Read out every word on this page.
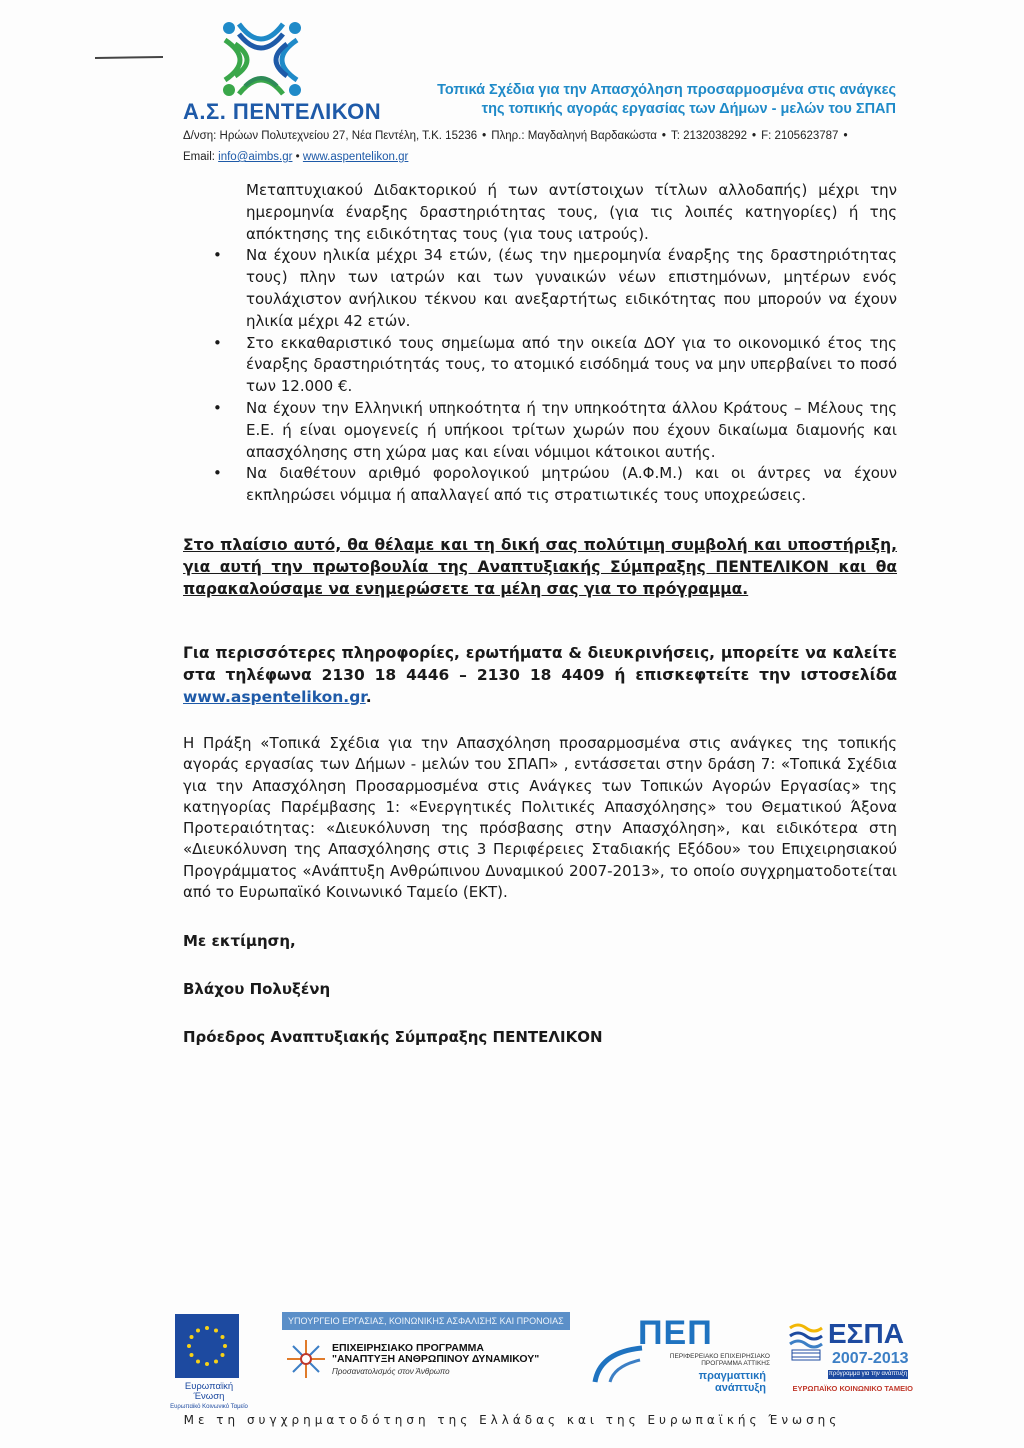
Α.Σ. ΠΕΝΤΕΛΙΚΟΝ
Τοπικά Σχέδια για την Απασχόληση προσαρμοσμένα στις ανάγκες
της τοπικής αγοράς εργασίας των Δήμων - μελών του ΣΠΑΠ
Δ/νση: Ηρώων Πολυτεχνείου 27, Νέα Πεντέλη, Τ.Κ. 15236 • Πληρ.: Μαγδαληνή Βαρδακώστα • Τ: 2132038292 • F: 2105623787 •
Email: info@aimbs.gr • www.aspentelikon.gr
Μεταπτυχιακού Διδακτορικού ή των αντίστοιχων τίτλων αλλοδαπής) μέχρι την ημερομηνία έναρξης δραστηριότητας τους, (για τις λοιπές κατηγορίες) ή της απόκτησης της ειδικότητας τους (για τους ιατρούς).
• Να έχουν ηλικία μέχρι 34 ετών, (έως την ημερομηνία έναρξης της δραστηριότητας τους) πλην των ιατρών και των γυναικών νέων επιστημόνων, μητέρων ενός τουλάχιστον ανήλικου τέκνου και ανεξαρτήτως ειδικότητας που μπορούν να έχουν ηλικία μέχρι 42 ετών.
• Στο εκκαθαριστικό τους σημείωμα από την οικεία ΔΟΥ για το οικονομικό έτος της έναρξης δραστηριότητάς τους, το ατομικό εισόδημά τους να μην υπερβαίνει το ποσό των 12.000 €.
• Να έχουν την Ελληνική υπηκοότητα ή την υπηκοότητα άλλου Κράτους – Μέλους της Ε.Ε. ή είναι ομογενείς ή υπήκοοι τρίτων χωρών που έχουν δικαίωμα διαμονής και απασχόλησης στη χώρα μας και είναι νόμιμοι κάτοικοι αυτής.
• Να διαθέτουν αριθμό φορολογικού μητρώου (Α.Φ.Μ.) και οι άντρες να έχουν εκπληρώσει νόμιμα ή απαλλαγεί από τις στρατιωτικές τους υποχρεώσεις.
Στο πλαίσιο αυτό, θα θέλαμε και τη δική σας πολύτιμη συμβολή και υποστήριξη, για αυτή την πρωτοβουλία της Αναπτυξιακής Σύμπραξης ΠΕΝΤΕΛΙΚΟΝ και θα παρακαλούσαμε να ενημερώσετε τα μέλη σας για το πρόγραμμα.
Για περισσότερες πληροφορίες, ερωτήματα & διευκρινήσεις, μπορείτε να καλείτε στα τηλέφωνα 2130 18 4446 – 2130 18 4409 ή επισκεφτείτε την ιστοσελίδα www.aspentelikon.gr.
Η Πράξη «Τοπικά Σχέδια για την Απασχόληση προσαρμοσμένα στις ανάγκες της τοπικής αγοράς εργασίας των Δήμων - μελών του ΣΠΑΠ» , εντάσσεται στην δράση 7: «Τοπικά Σχέδια για την Απασχόληση Προσαρμοσμένα στις Ανάγκες των Τοπικών Αγορών Εργασίας» της κατηγορίας Παρέμβασης 1: «Ενεργητικές Πολιτικές Απασχόλησης» του Θεματικού Άξονα Προτεραιότητας: «Διευκόλυνση της πρόσβασης στην Απασχόληση», και ειδικότερα στη «Διευκόλυνση της Απασχόλησης στις 3 Περιφέρειες Σταδιακής Εξόδου» του Επιχειρησιακού Προγράμματος «Ανάπτυξη Ανθρώπινου Δυναμικού 2007-2013», το οποίο συγχρηματοδοτείται από το Ευρωπαϊκό Κοινωνικό Ταμείο (ΕΚΤ).
Με εκτίμηση,
Βλάχου Πολυξένη
Πρόεδρος Αναπτυξιακής Σύμπραξης ΠΕΝΤΕΛΙΚΟΝ
Ευρωπαϊκή Ένωση
Ευρωπαϊκό Κοινωνικό Ταμείο
ΥΠΟΥΡΓΕΙΟ ΕΡΓΑΣΙΑΣ, ΚΟΙΝΩΝΙΚΗΣ ΑΣΦΑΛΙΣΗΣ ΚΑΙ ΠΡΟΝΟΙΑΣ
ΕΠΙΧΕΙΡΗΣΙΑΚΟ ΠΡΟΓΡΑΜΜΑ
"ΑΝΑΠΤΥΞΗ ΑΝΘΡΩΠΙΝΟΥ ΔΥΝΑΜΙΚΟΥ"
Προσανατολισμός στον Άνθρωπο
ΠΕΠ
ΠΕΡΙΦΕΡΕΙΑΚΟ ΕΠΙΧΕΙΡΗΣΙΑΚΟ ΠΡΟΓΡΑΜΜΑ ΑΤΤΙΚΗΣ
πραγματτική
ανάπτυξη
ΕΣΠΑ
2007-2013
πρόγραμμα για την ανάπτυξη
ΕΥΡΩΠΑΪΚΟ ΚΟΙΝΩΝΙΚΟ ΤΑΜΕΙΟ
Με τη συγχρηματοδότηση της Ελλάδας και της Ευρωπαϊκής Ένωσης
